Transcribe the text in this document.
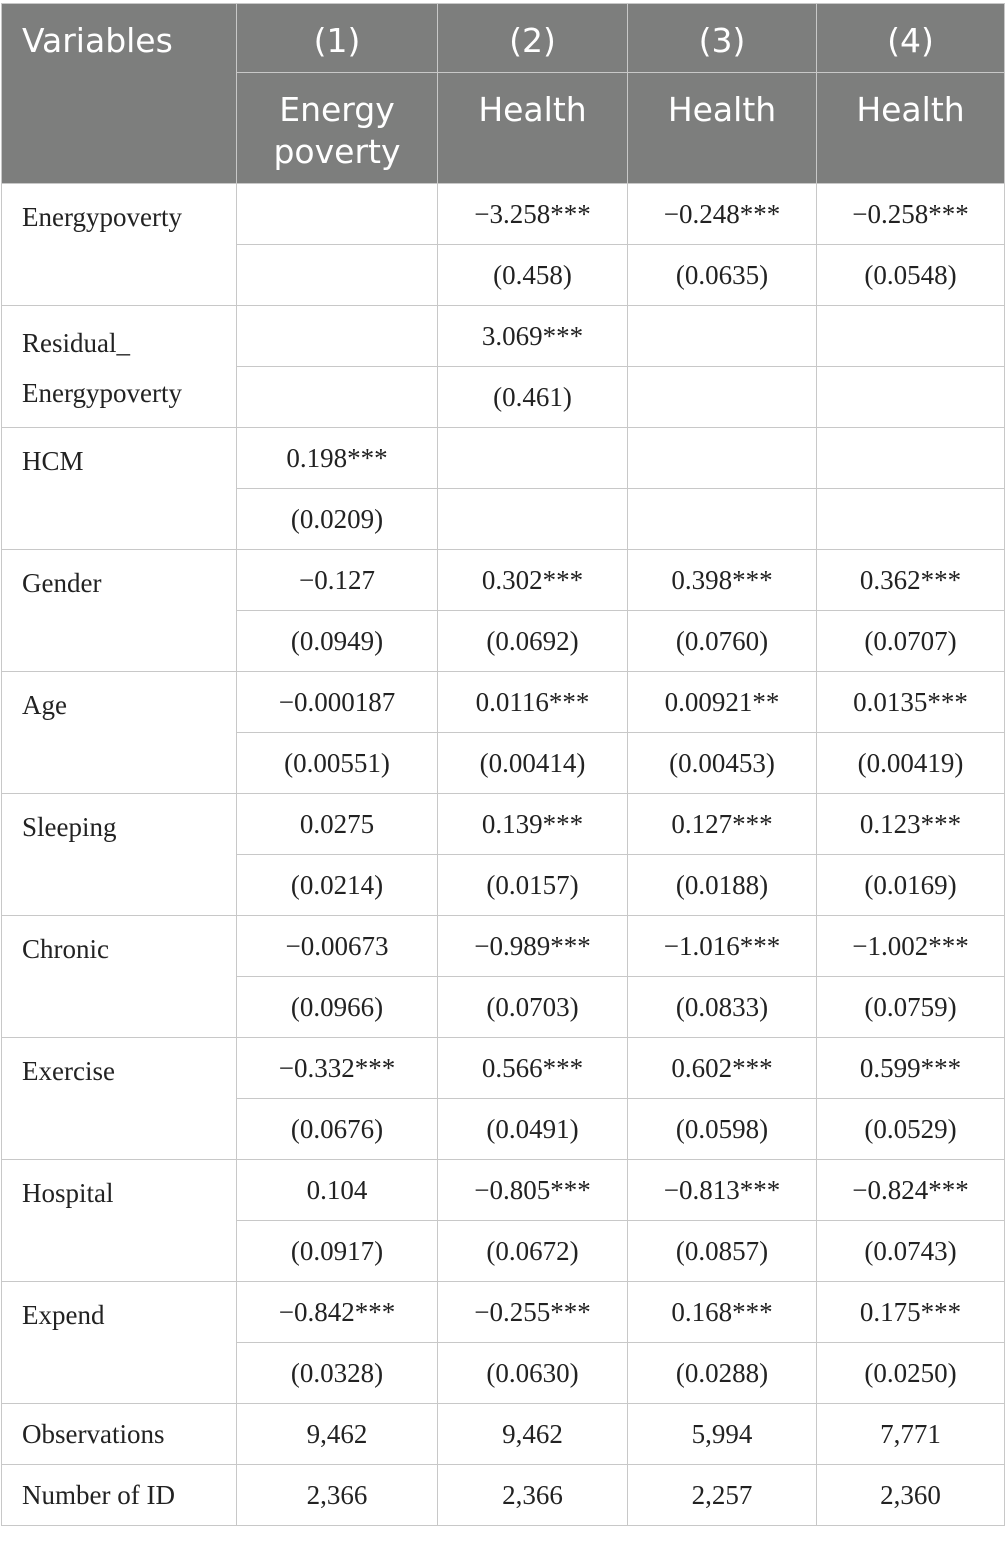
Variables	(1)	(2)	(3)	(4)
	Energy poverty	Health	Health	Health

Energypoverty		−3.258***	−0.248***	−0.258***
		(0.458)	(0.0635)	(0.0548)

Residual_
Energypoverty		3.069***		
		(0.461)		

HCM	0.198***			
	(0.0209)			

Gender	−0.127	0.302***	0.398***	0.362***
	(0.0949)	(0.0692)	(0.0760)	(0.0707)

Age	−0.000187	0.0116***	0.00921**	0.0135***
	(0.00551)	(0.00414)	(0.00453)	(0.00419)

Sleeping	0.0275	0.139***	0.127***	0.123***
	(0.0214)	(0.0157)	(0.0188)	(0.0169)

Chronic	−0.00673	−0.989***	−1.016***	−1.002***
	(0.0966)	(0.0703)	(0.0833)	(0.0759)

Exercise	−0.332***	0.566***	0.602***	0.599***
	(0.0676)	(0.0491)	(0.0598)	(0.0529)

Hospital	0.104	−0.805***	−0.813***	−0.824***
	(0.0917)	(0.0672)	(0.0857)	(0.0743)

Expend	−0.842***	−0.255***	0.168***	0.175***
	(0.0328)	(0.0630)	(0.0288)	(0.0250)
Observations	9,462	9,462	5,994	7,771
Number of ID	2,366	2,366	2,257	2,360
